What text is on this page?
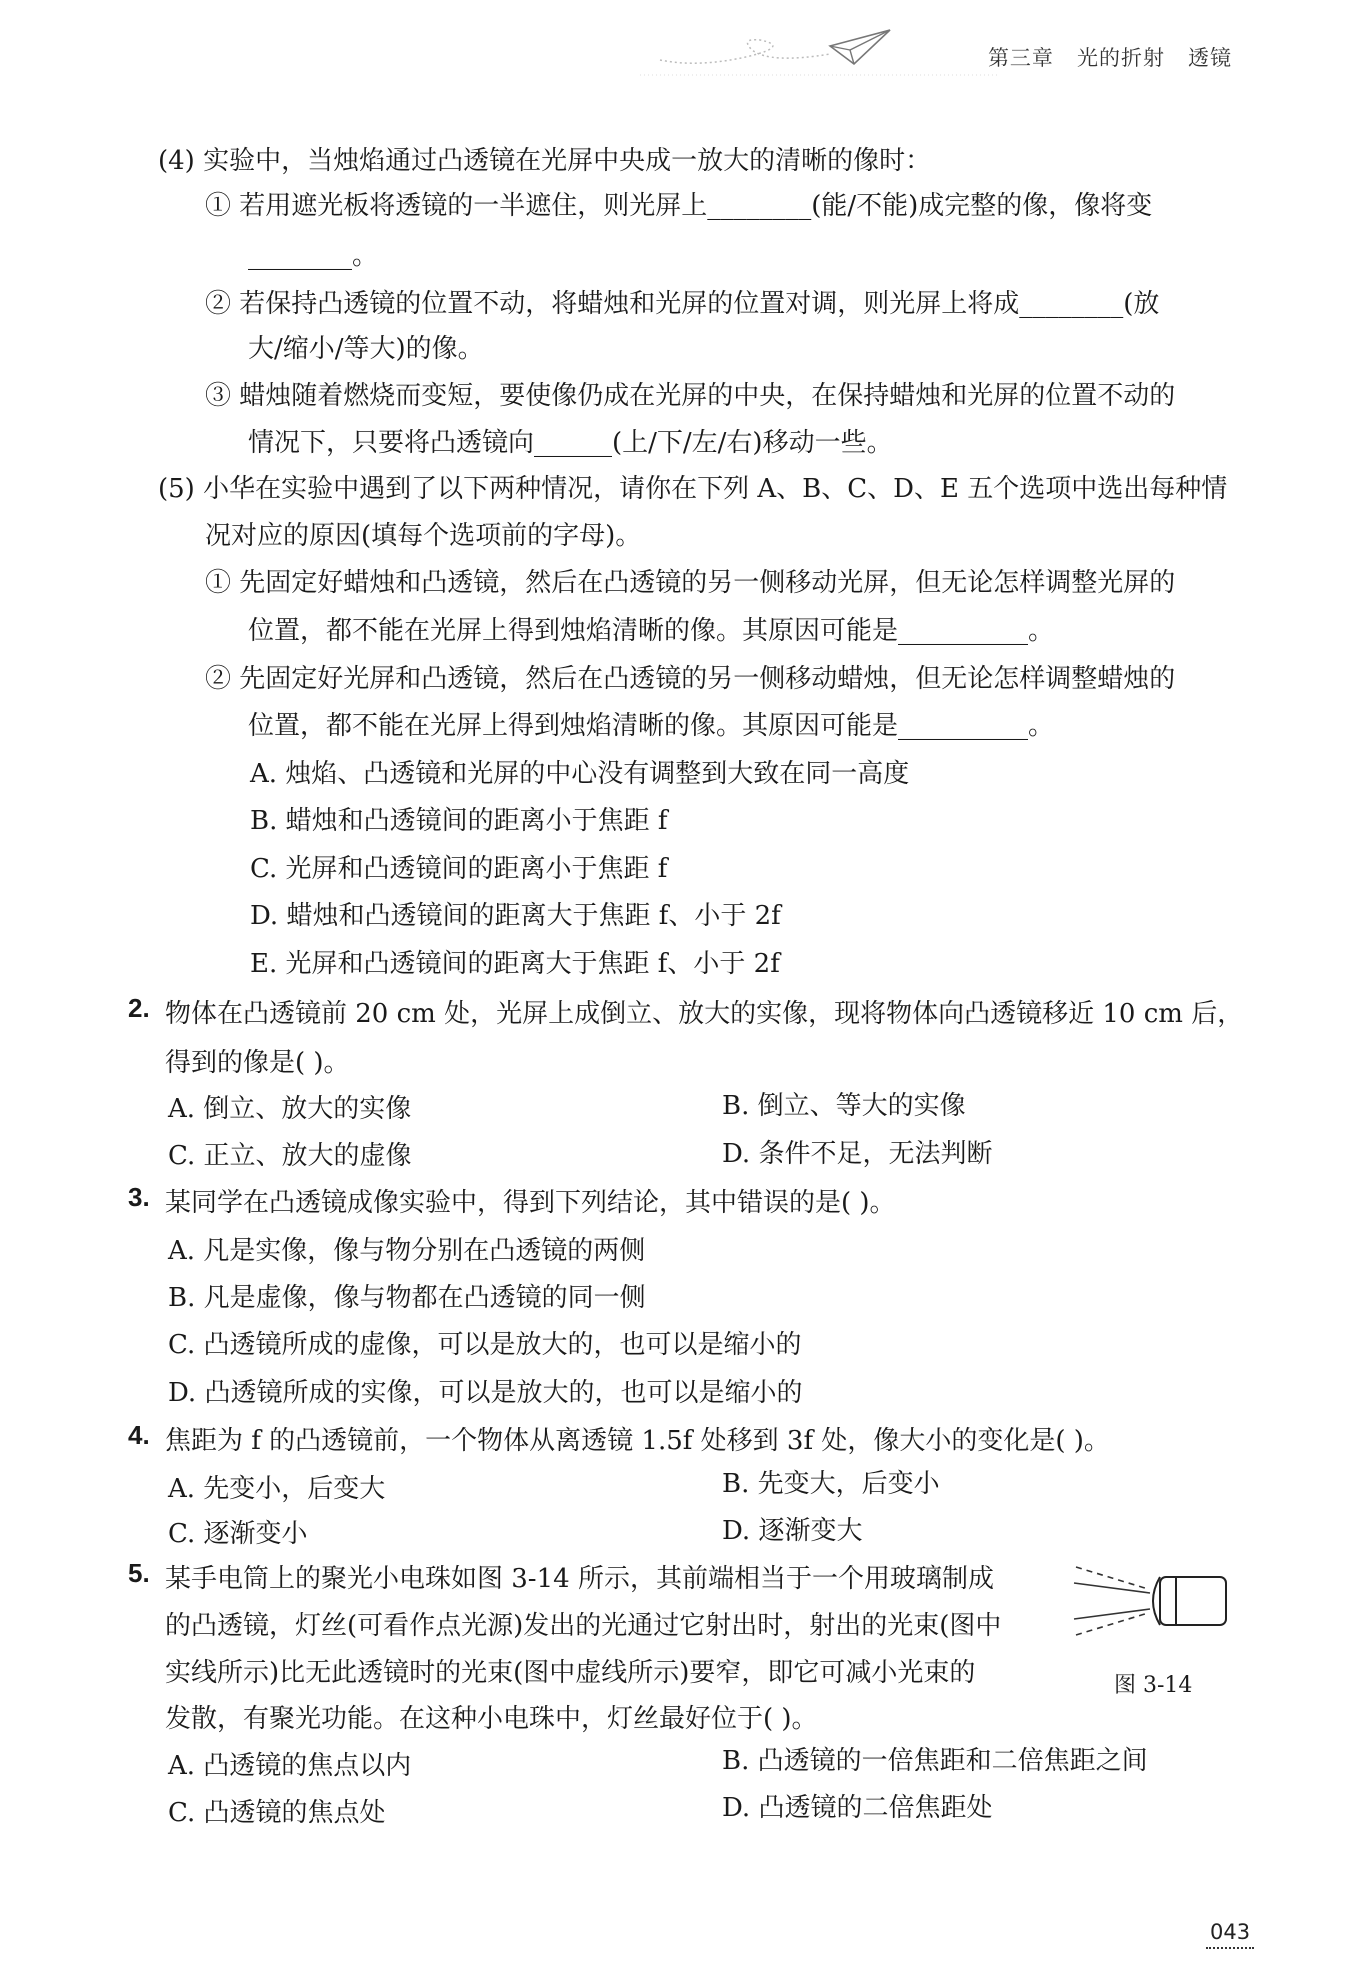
第三章 光的折射 透镜
(4) 实验中，当烛焰通过凸透镜在光屏中央成一放大的清晰的像时：
① 若用遮光板将透镜的一半遮住，则光屏上________(能/不能)成完整的像，像将变
________。
② 若保持凸透镜的位置不动，将蜡烛和光屏的位置对调，则光屏上将成________(放
大/缩小/等大)的像。
③ 蜡烛随着燃烧而变短，要使像仍成在光屏的中央，在保持蜡烛和光屏的位置不动的
情况下，只要将凸透镜向______(上/下/左/右)移动一些。
(5) 小华在实验中遇到了以下两种情况，请你在下列 A、B、C、D、E 五个选项中选出每种情
况对应的原因(填每个选项前的字母)。
① 先固定好蜡烛和凸透镜，然后在凸透镜的另一侧移动光屏，但无论怎样调整光屏的
位置，都不能在光屏上得到烛焰清晰的像。其原因可能是__________。
② 先固定好光屏和凸透镜，然后在凸透镜的另一侧移动蜡烛，但无论怎样调整蜡烛的
位置，都不能在光屏上得到烛焰清晰的像。其原因可能是__________。
A. 烛焰、凸透镜和光屏的中心没有调整到大致在同一高度
B. 蜡烛和凸透镜间的距离小于焦距 f
C. 光屏和凸透镜间的距离小于焦距 f
D. 蜡烛和凸透镜间的距离大于焦距 f、小于 2f
E. 光屏和凸透镜间的距离大于焦距 f、小于 2f
2. 物体在凸透镜前 20 cm 处，光屏上成倒立、放大的实像，现将物体向凸透镜移近 10 cm 后，
得到的像是( )。
A. 倒立、放大的实像	B. 倒立、等大的实像
C. 正立、放大的虚像	D. 条件不足，无法判断
3. 某同学在凸透镜成像实验中，得到下列结论，其中错误的是( )。
A. 凡是实像，像与物分别在凸透镜的两侧
B. 凡是虚像，像与物都在凸透镜的同一侧
C. 凸透镜所成的虚像，可以是放大的，也可以是缩小的
D. 凸透镜所成的实像，可以是放大的，也可以是缩小的
4. 焦距为 f 的凸透镜前，一个物体从离透镜 1.5f 处移到 3f 处，像大小的变化是( )。
A. 先变小，后变大	B. 先变大，后变小
C. 逐渐变小	D. 逐渐变大
5. 某手电筒上的聚光小电珠如图 3-14 所示，其前端相当于一个用玻璃制成
的凸透镜，灯丝(可看作点光源)发出的光通过它射出时，射出的光束(图中
实线所示)比无此透镜时的光束(图中虚线所示)要窄，即它可减小光束的
发散，有聚光功能。在这种小电珠中，灯丝最好位于( )。
图 3-14
A. 凸透镜的焦点以内	B. 凸透镜的一倍焦距和二倍焦距之间
C. 凸透镜的焦点处	D. 凸透镜的二倍焦距处
043
